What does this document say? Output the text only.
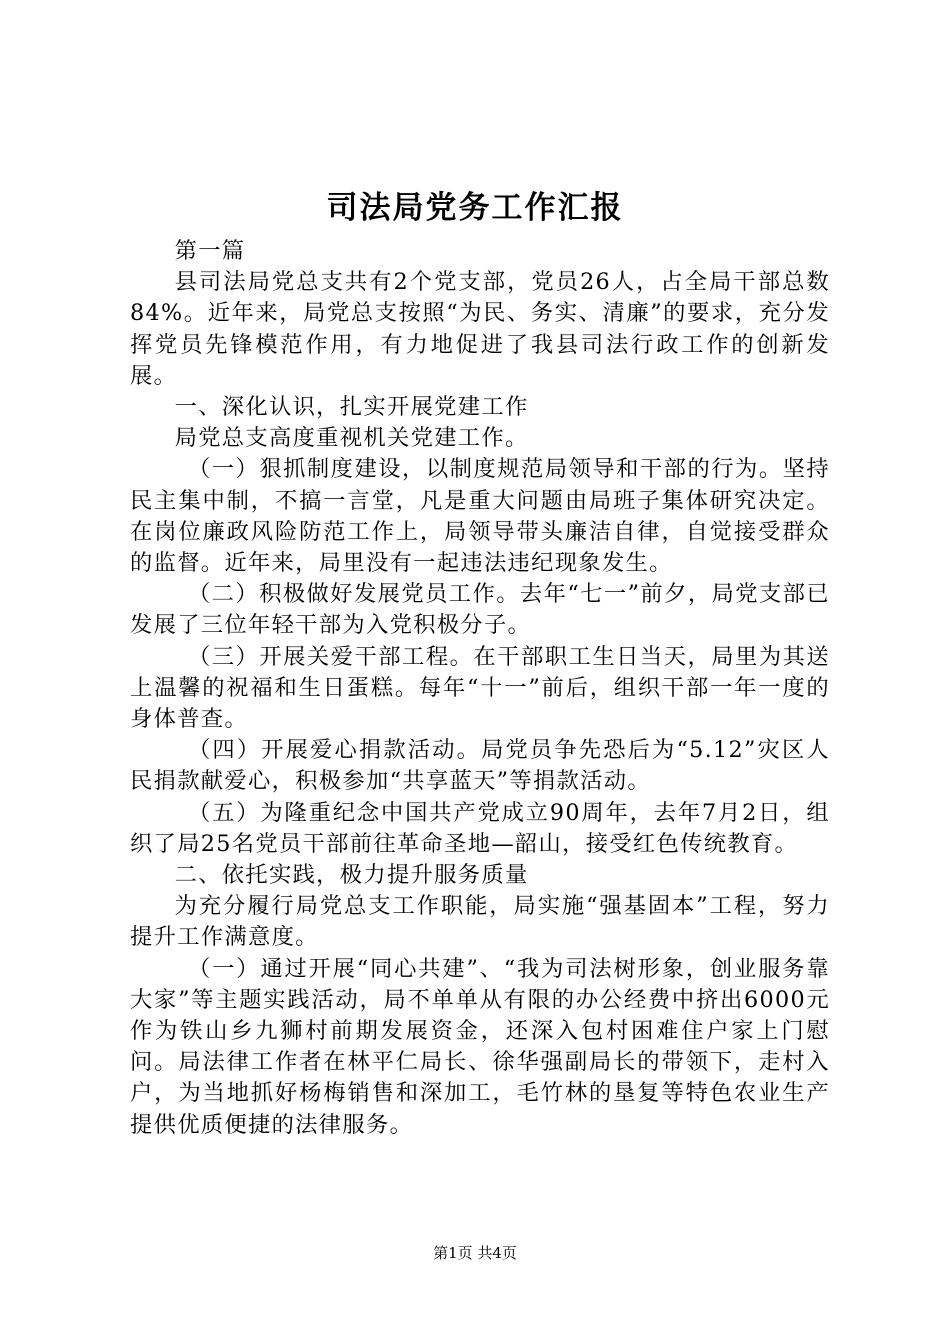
司法局党务工作汇报

第一篇

县司法局党总支共有2个党支部，党员26人，占全局干部总数84%。近年来，局党总支按照“为民、务实、清廉”的要求，充分发挥党员先锋模范作用，有力地促进了我县司法行政工作的创新发展。

一、深化认识，扎实开展党建工作

局党总支高度重视机关党建工作。

（一）狠抓制度建设，以制度规范局领导和干部的行为。坚持民主集中制，不搞一言堂，凡是重大问题由局班子集体研究决定。在岗位廉政风险防范工作上，局领导带头廉洁自律，自觉接受群众的监督。近年来，局里没有一起违法违纪现象发生。

（二）积极做好发展党员工作。去年“七一”前夕，局党支部已发展了三位年轻干部为入党积极分子。

（三）开展关爱干部工程。在干部职工生日当天，局里为其送上温馨的祝福和生日蛋糕。每年“十一”前后，组织干部一年一度的身体普查。

（四）开展爱心捐款活动。局党员争先恐后为“5.12”灾区人民捐款献爱心，积极参加“共享蓝天”等捐款活动。

（五）为隆重纪念中国共产党成立90周年，去年7月2日，组织了局25名党员干部前往革命圣地—韶山，接受红色传统教育。

二、依托实践，极力提升服务质量

为充分履行局党总支工作职能，局实施“强基固本”工程，努力提升工作满意度。

（一）通过开展“同心共建”、“我为司法树形象，创业服务靠大家”等主题实践活动，局不单单从有限的办公经费中挤出6000元作为铁山乡九狮村前期发展资金，还深入包村困难住户家上门慰问。局法律工作者在林平仁局长、徐华强副局长的带领下，走村入户，为当地抓好杨梅销售和深加工，毛竹林的垦复等特色农业生产提供优质便捷的法律服务。

第1页 共4页
